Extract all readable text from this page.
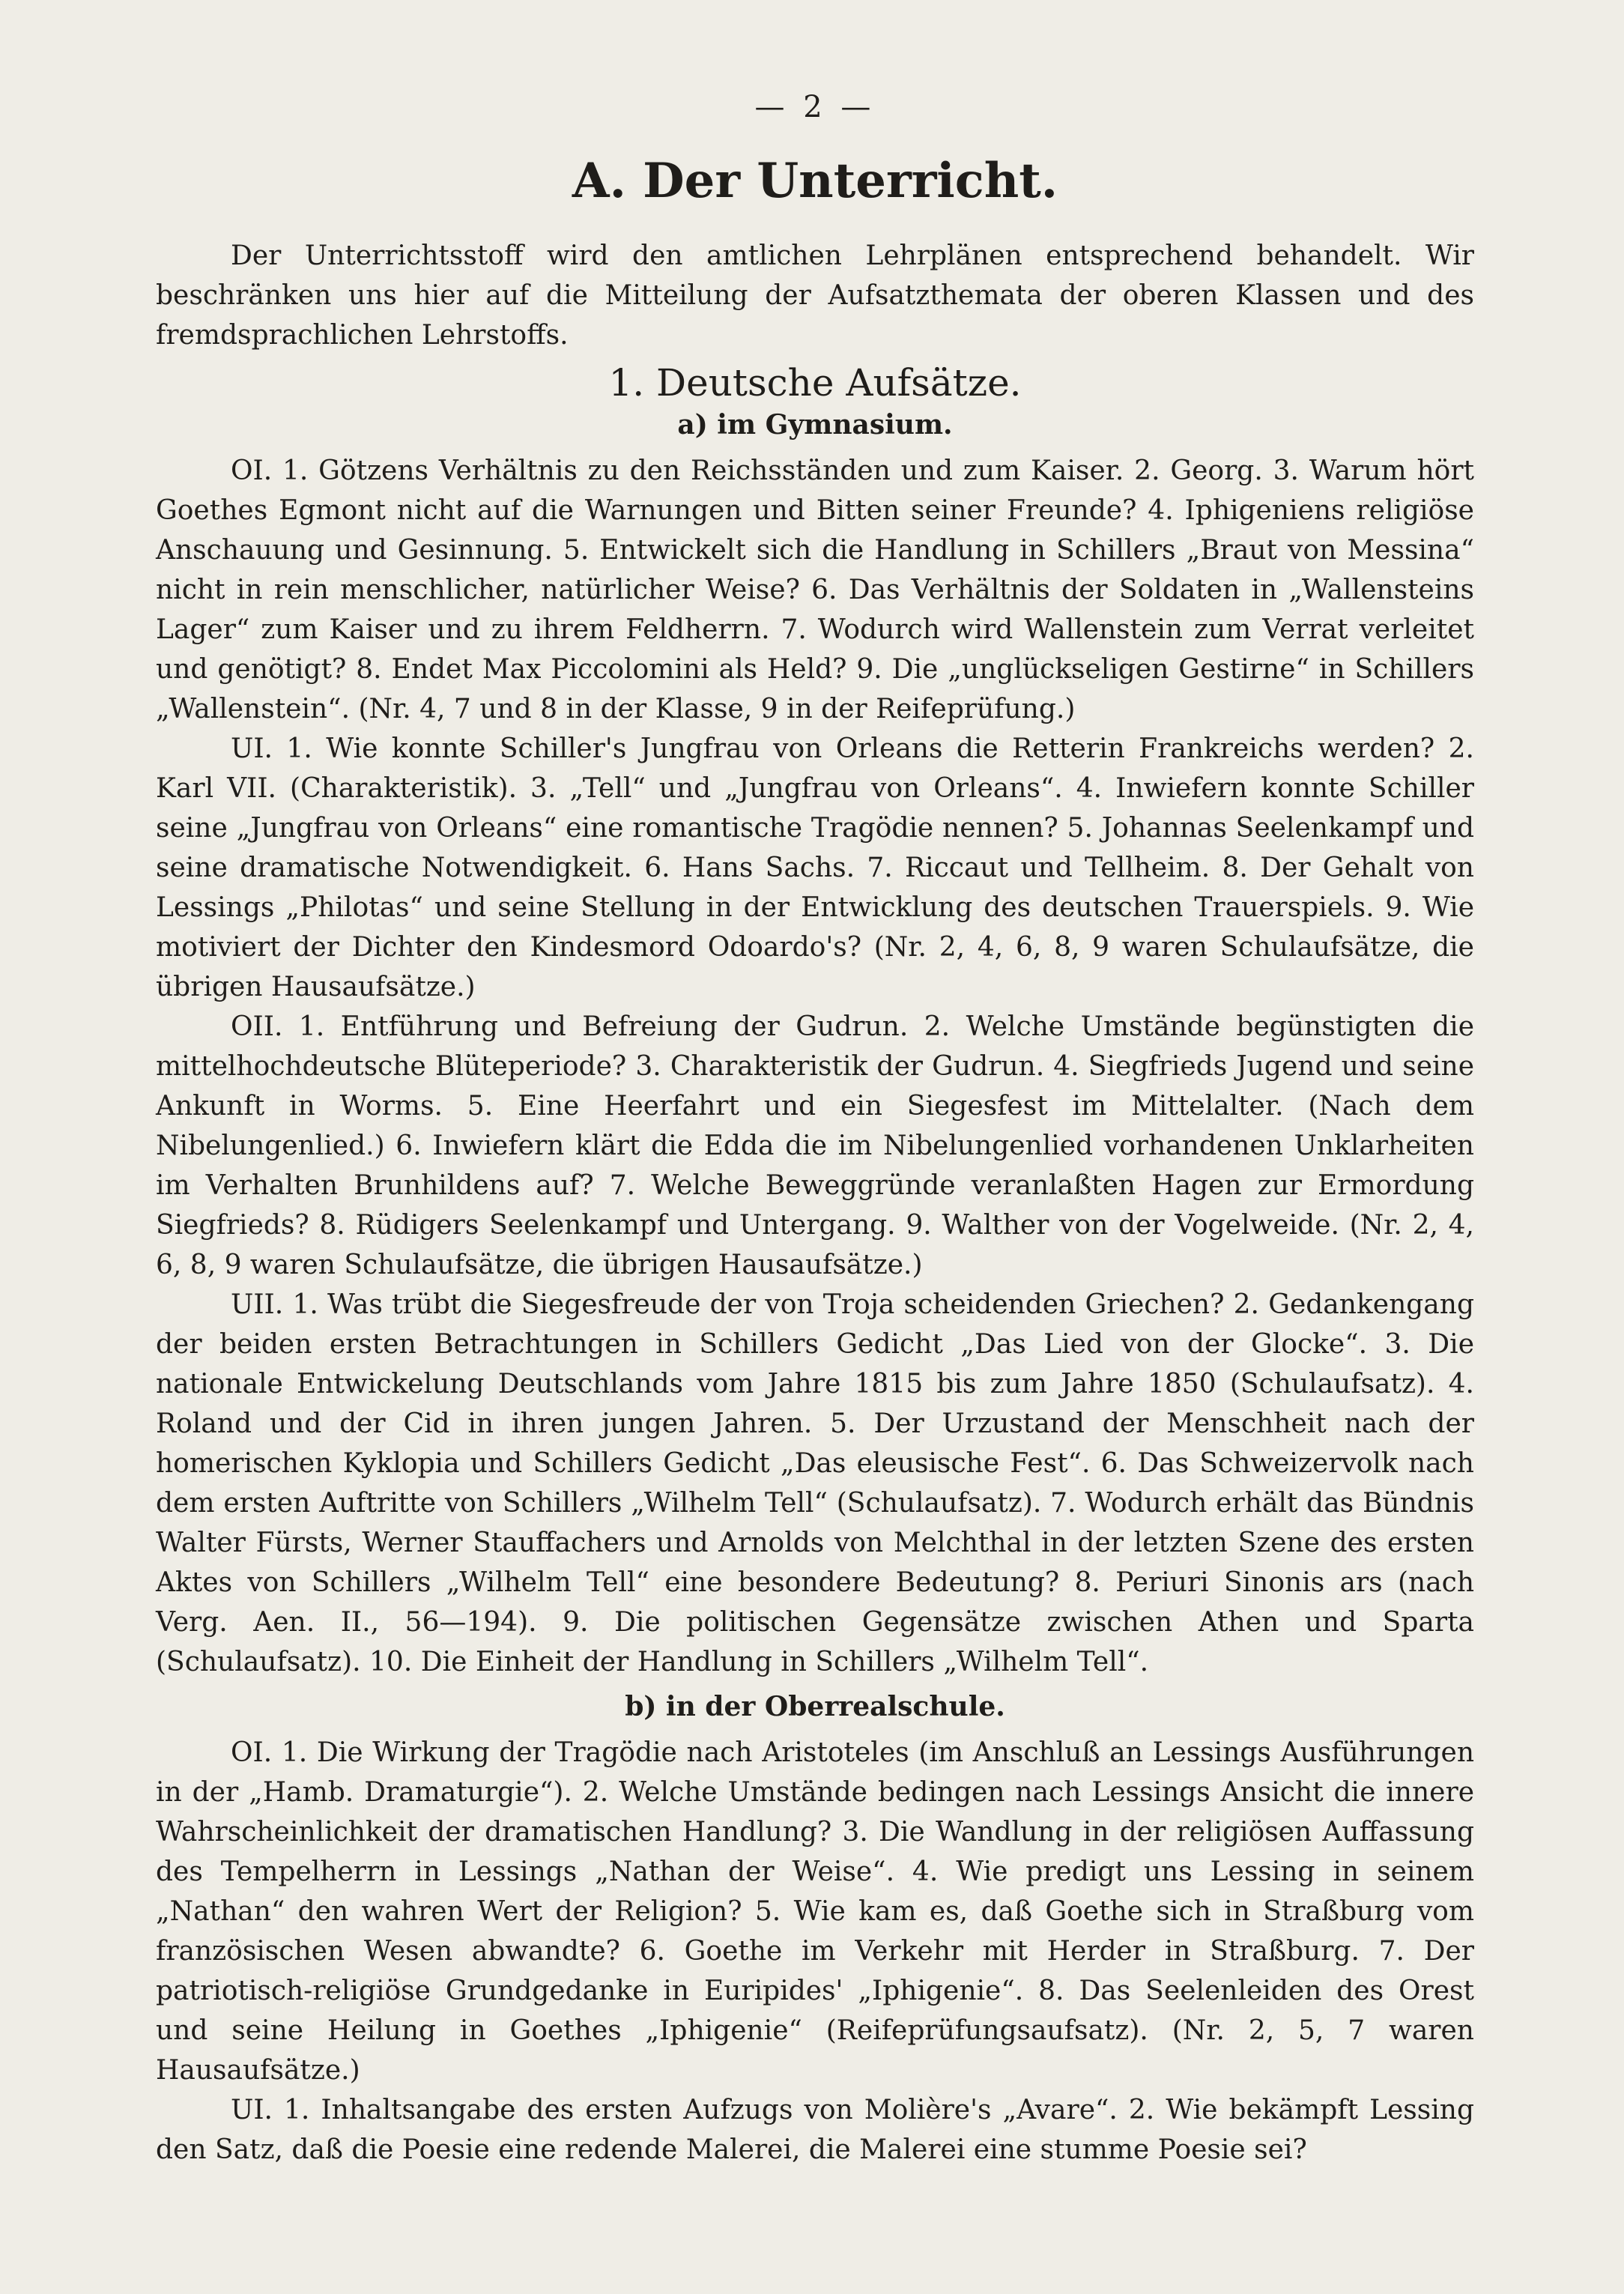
— 2 —
A. Der Unterricht.

Der Unterrichtsstoff wird den amtlichen Lehrplänen entsprechend behandelt. Wir beschränken uns hier auf die Mitteilung der Aufsatzthemata der oberen Klassen und des fremdsprachlichen Lehrstoffs.

1. Deutsche Aufsätze.
a) im Gymnasium.

OI. 1. Götzens Verhältnis zu den Reichsständen und zum Kaiser. 2. Georg. 3. Warum hört Goethes Egmont nicht auf die Warnungen und Bitten seiner Freunde? 4. Iphigeniens religiöse Anschauung und Gesinnung. 5. Entwickelt sich die Handlung in Schillers „Braut von Messina“ nicht in rein menschlicher, natürlicher Weise? 6. Das Verhältnis der Soldaten in „Wallensteins Lager“ zum Kaiser und zu ihrem Feldherrn. 7. Wodurch wird Wallenstein zum Verrat verleitet und genötigt? 8. Endet Max Piccolomini als Held? 9. Die „unglückseligen Gestirne“ in Schillers „Wallenstein“. (Nr. 4, 7 und 8 in der Klasse, 9 in der Reifeprüfung.)

UI. 1. Wie konnte Schiller's Jungfrau von Orleans die Retterin Frankreichs werden? 2. Karl VII. (Charakteristik). 3. „Tell“ und „Jungfrau von Orleans“. 4. Inwiefern konnte Schiller seine „Jungfrau von Orleans“ eine romantische Tragödie nennen? 5. Johannas Seelenkampf und seine dramatische Notwendigkeit. 6. Hans Sachs. 7. Riccaut und Tellheim. 8. Der Gehalt von Lessings „Philotas“ und seine Stellung in der Entwicklung des deutschen Trauerspiels. 9. Wie motiviert der Dichter den Kindesmord Odoardo's? (Nr. 2, 4, 6, 8, 9 waren Schulaufsätze, die übrigen Hausaufsätze.)

OII. 1. Entführung und Befreiung der Gudrun. 2. Welche Umstände begünstigten die mittelhochdeutsche Blüteperiode? 3. Charakteristik der Gudrun. 4. Siegfrieds Jugend und seine Ankunft in Worms. 5. Eine Heerfahrt und ein Siegesfest im Mittelalter. (Nach dem Nibelungenlied.) 6. Inwiefern klärt die Edda die im Nibelungenlied vorhandenen Unklarheiten im Verhalten Brunhildens auf? 7. Welche Beweggründe veranlaßten Hagen zur Ermordung Siegfrieds? 8. Rüdigers Seelenkampf und Untergang. 9. Walther von der Vogelweide. (Nr. 2, 4, 6, 8, 9 waren Schulaufsätze, die übrigen Hausaufsätze.)

UII. 1. Was trübt die Siegesfreude der von Troja scheidenden Griechen? 2. Gedankengang der beiden ersten Betrachtungen in Schillers Gedicht „Das Lied von der Glocke“. 3. Die nationale Entwickelung Deutschlands vom Jahre 1815 bis zum Jahre 1850 (Schulaufsatz). 4. Roland und der Cid in ihren jungen Jahren. 5. Der Urzustand der Menschheit nach der homerischen Kyklopia und Schillers Gedicht „Das eleusische Fest“. 6. Das Schweizervolk nach dem ersten Auftritte von Schillers „Wilhelm Tell“ (Schulaufsatz). 7. Wodurch erhält das Bündnis Walter Fürsts, Werner Stauffachers und Arnolds von Melchthal in der letzten Szene des ersten Aktes von Schillers „Wilhelm Tell“ eine besondere Bedeutung? 8. Periuri Sinonis ars (nach Verg. Aen. II., 56—194). 9. Die politischen Gegensätze zwischen Athen und Sparta (Schulaufsatz). 10. Die Einheit der Handlung in Schillers „Wilhelm Tell“.

b) in der Oberrealschule.

OI. 1. Die Wirkung der Tragödie nach Aristoteles (im Anschluß an Lessings Ausführungen in der „Hamb. Dramaturgie“). 2. Welche Umstände bedingen nach Lessings Ansicht die innere Wahrscheinlichkeit der dramatischen Handlung? 3. Die Wandlung in der religiösen Auffassung des Tempelherrn in Lessings „Nathan der Weise“. 4. Wie predigt uns Lessing in seinem „Nathan“ den wahren Wert der Religion? 5. Wie kam es, daß Goethe sich in Straßburg vom französischen Wesen abwandte? 6. Goethe im Verkehr mit Herder in Straßburg. 7. Der patriotisch-religiöse Grundgedanke in Euripides' „Iphigenie“. 8. Das Seelenleiden des Orest und seine Heilung in Goethes „Iphigenie“ (Reifeprüfungsaufsatz). (Nr. 2, 5, 7 waren Hausaufsätze.)

UI. 1. Inhaltsangabe des ersten Aufzugs von Molière's „Avare“. 2. Wie bekämpft Lessing den Satz, daß die Poesie eine redende Malerei, die Malerei eine stumme Poesie sei?
